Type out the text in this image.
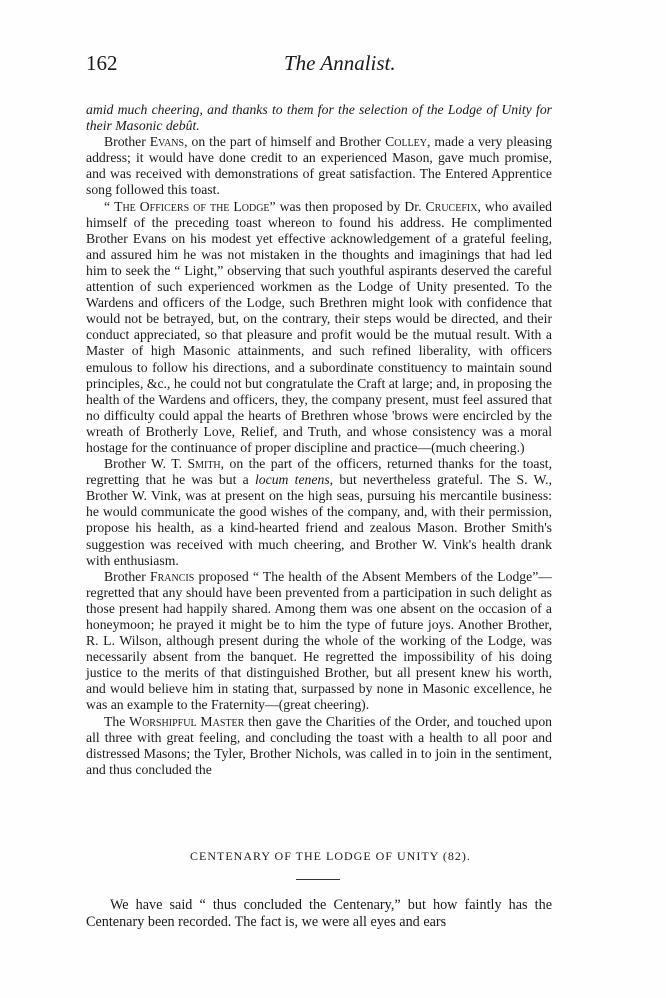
162	The Annalist.

amid much cheering, and thanks to them for the selection of the Lodge of Unity for their Masonic debût.

Brother Evans, on the part of himself and Brother Colley, made a very pleasing address; it would have done credit to an experienced Mason, gave much promise, and was received with demonstrations of great satisfaction. The Entered Apprentice song followed this toast.

“ The Officers of the Lodge” was then proposed by Dr. Crucefix, who availed himself of the preceding toast whereon to found his address. He complimented Brother Evans on his modest yet effective acknowledgement of a grateful feeling, and assured him he was not mistaken in the thoughts and imaginings that had led him to seek the “ Light,” observing that such youthful aspirants deserved the careful attention of such experienced workmen as the Lodge of Unity presented. To the Wardens and officers of the Lodge, such Brethren might look with confidence that would not be betrayed, but, on the contrary, their steps would be directed, and their conduct appreciated, so that pleasure and profit would be the mutual result. With a Master of high Masonic attainments, and such refined liberality, with officers emulous to follow his directions, and a subordinate constituency to maintain sound principles, &c., he could not but congratulate the Craft at large; and, in proposing the health of the Wardens and officers, they, the company present, must feel assured that no difficulty could appal the hearts of Brethren whose 'brows were encircled by the wreath of Brotherly Love, Relief, and Truth, and whose consistency was a moral hostage for the continuance of proper discipline and practice—(much cheering.)

Brother W. T. Smith, on the part of the officers, returned thanks for the toast, regretting that he was but a locum tenens, but nevertheless grateful. The S. W., Brother W. Vink, was at present on the high seas, pursuing his mercantile business: he would communicate the good wishes of the company, and, with their permission, propose his health, as a kind-hearted friend and zealous Mason. Brother Smith's suggestion was received with much cheering, and Brother W. Vink's health drank with enthusiasm.

Brother Francis proposed “ The health of the Absent Members of the Lodge”—regretted that any should have been prevented from a participation in such delight as those present had happily shared. Among them was one absent on the occasion of a honeymoon; he prayed it might be to him the type of future joys. Another Brother, R. L. Wilson, although present during the whole of the working of the Lodge, was necessarily absent from the banquet. He regretted the impossibility of his doing justice to the merits of that distinguished Brother, but all present knew his worth, and would believe him in stating that, surpassed by none in Masonic excellence, he was an example to the Fraternity—(great cheering).

The Worshipful Master then gave the Charities of the Order, and touched upon all three with great feeling, and concluding the toast with a health to all poor and distressed Masons; the Tyler, Brother Nichols, was called in to join in the sentiment, and thus concluded the

CENTENARY OF THE LODGE OF UNITY (82).
We have said “ thus concluded the Centenary,” but how faintly has the Centenary been recorded. The fact is, we were all eyes and ears
